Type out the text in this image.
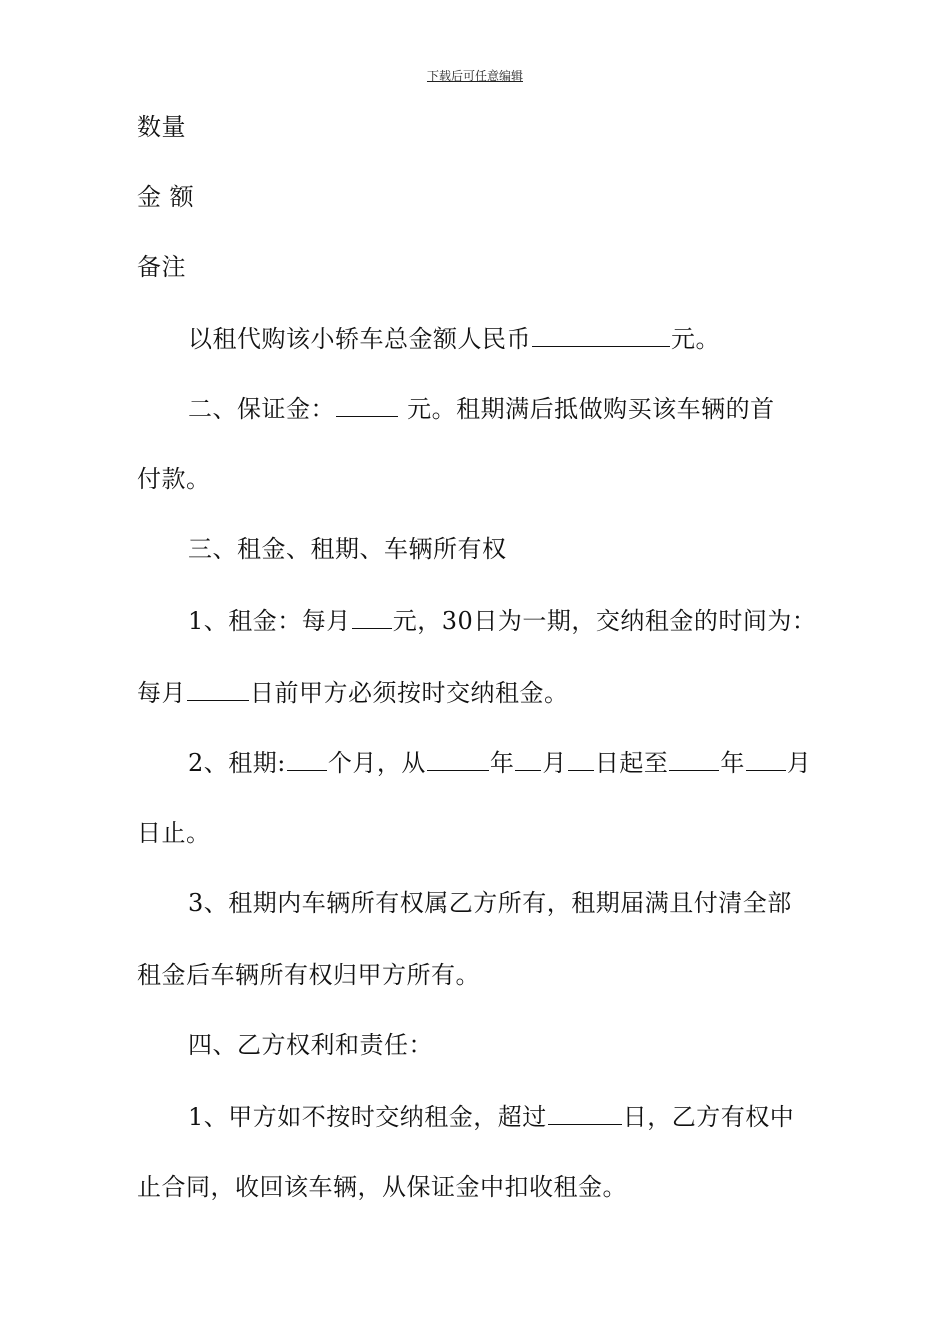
下载后可任意编辑
数量
金 额
备注
以租代购该小轿车总金额人民币	元。
二、保证金：	元。租期满后抵做购买该车辆的首
付款。
三、租金、租期、车辆所有权
1、租金：每月 元，30日为一期，交纳租金的时间为：
每月	日前甲方必须按时交纳租金。
2、租期: 个月，从	年 月 日起至 年 月
日止。
3、租期内车辆所有权属乙方所有，租期届满且付清全部
租金后车辆所有权归甲方所有。
四、乙方权利和责任：
1、甲方如不按时交纳租金，超过	日，乙方有权中
止合同，收回该车辆，从保证金中扣收租金。
